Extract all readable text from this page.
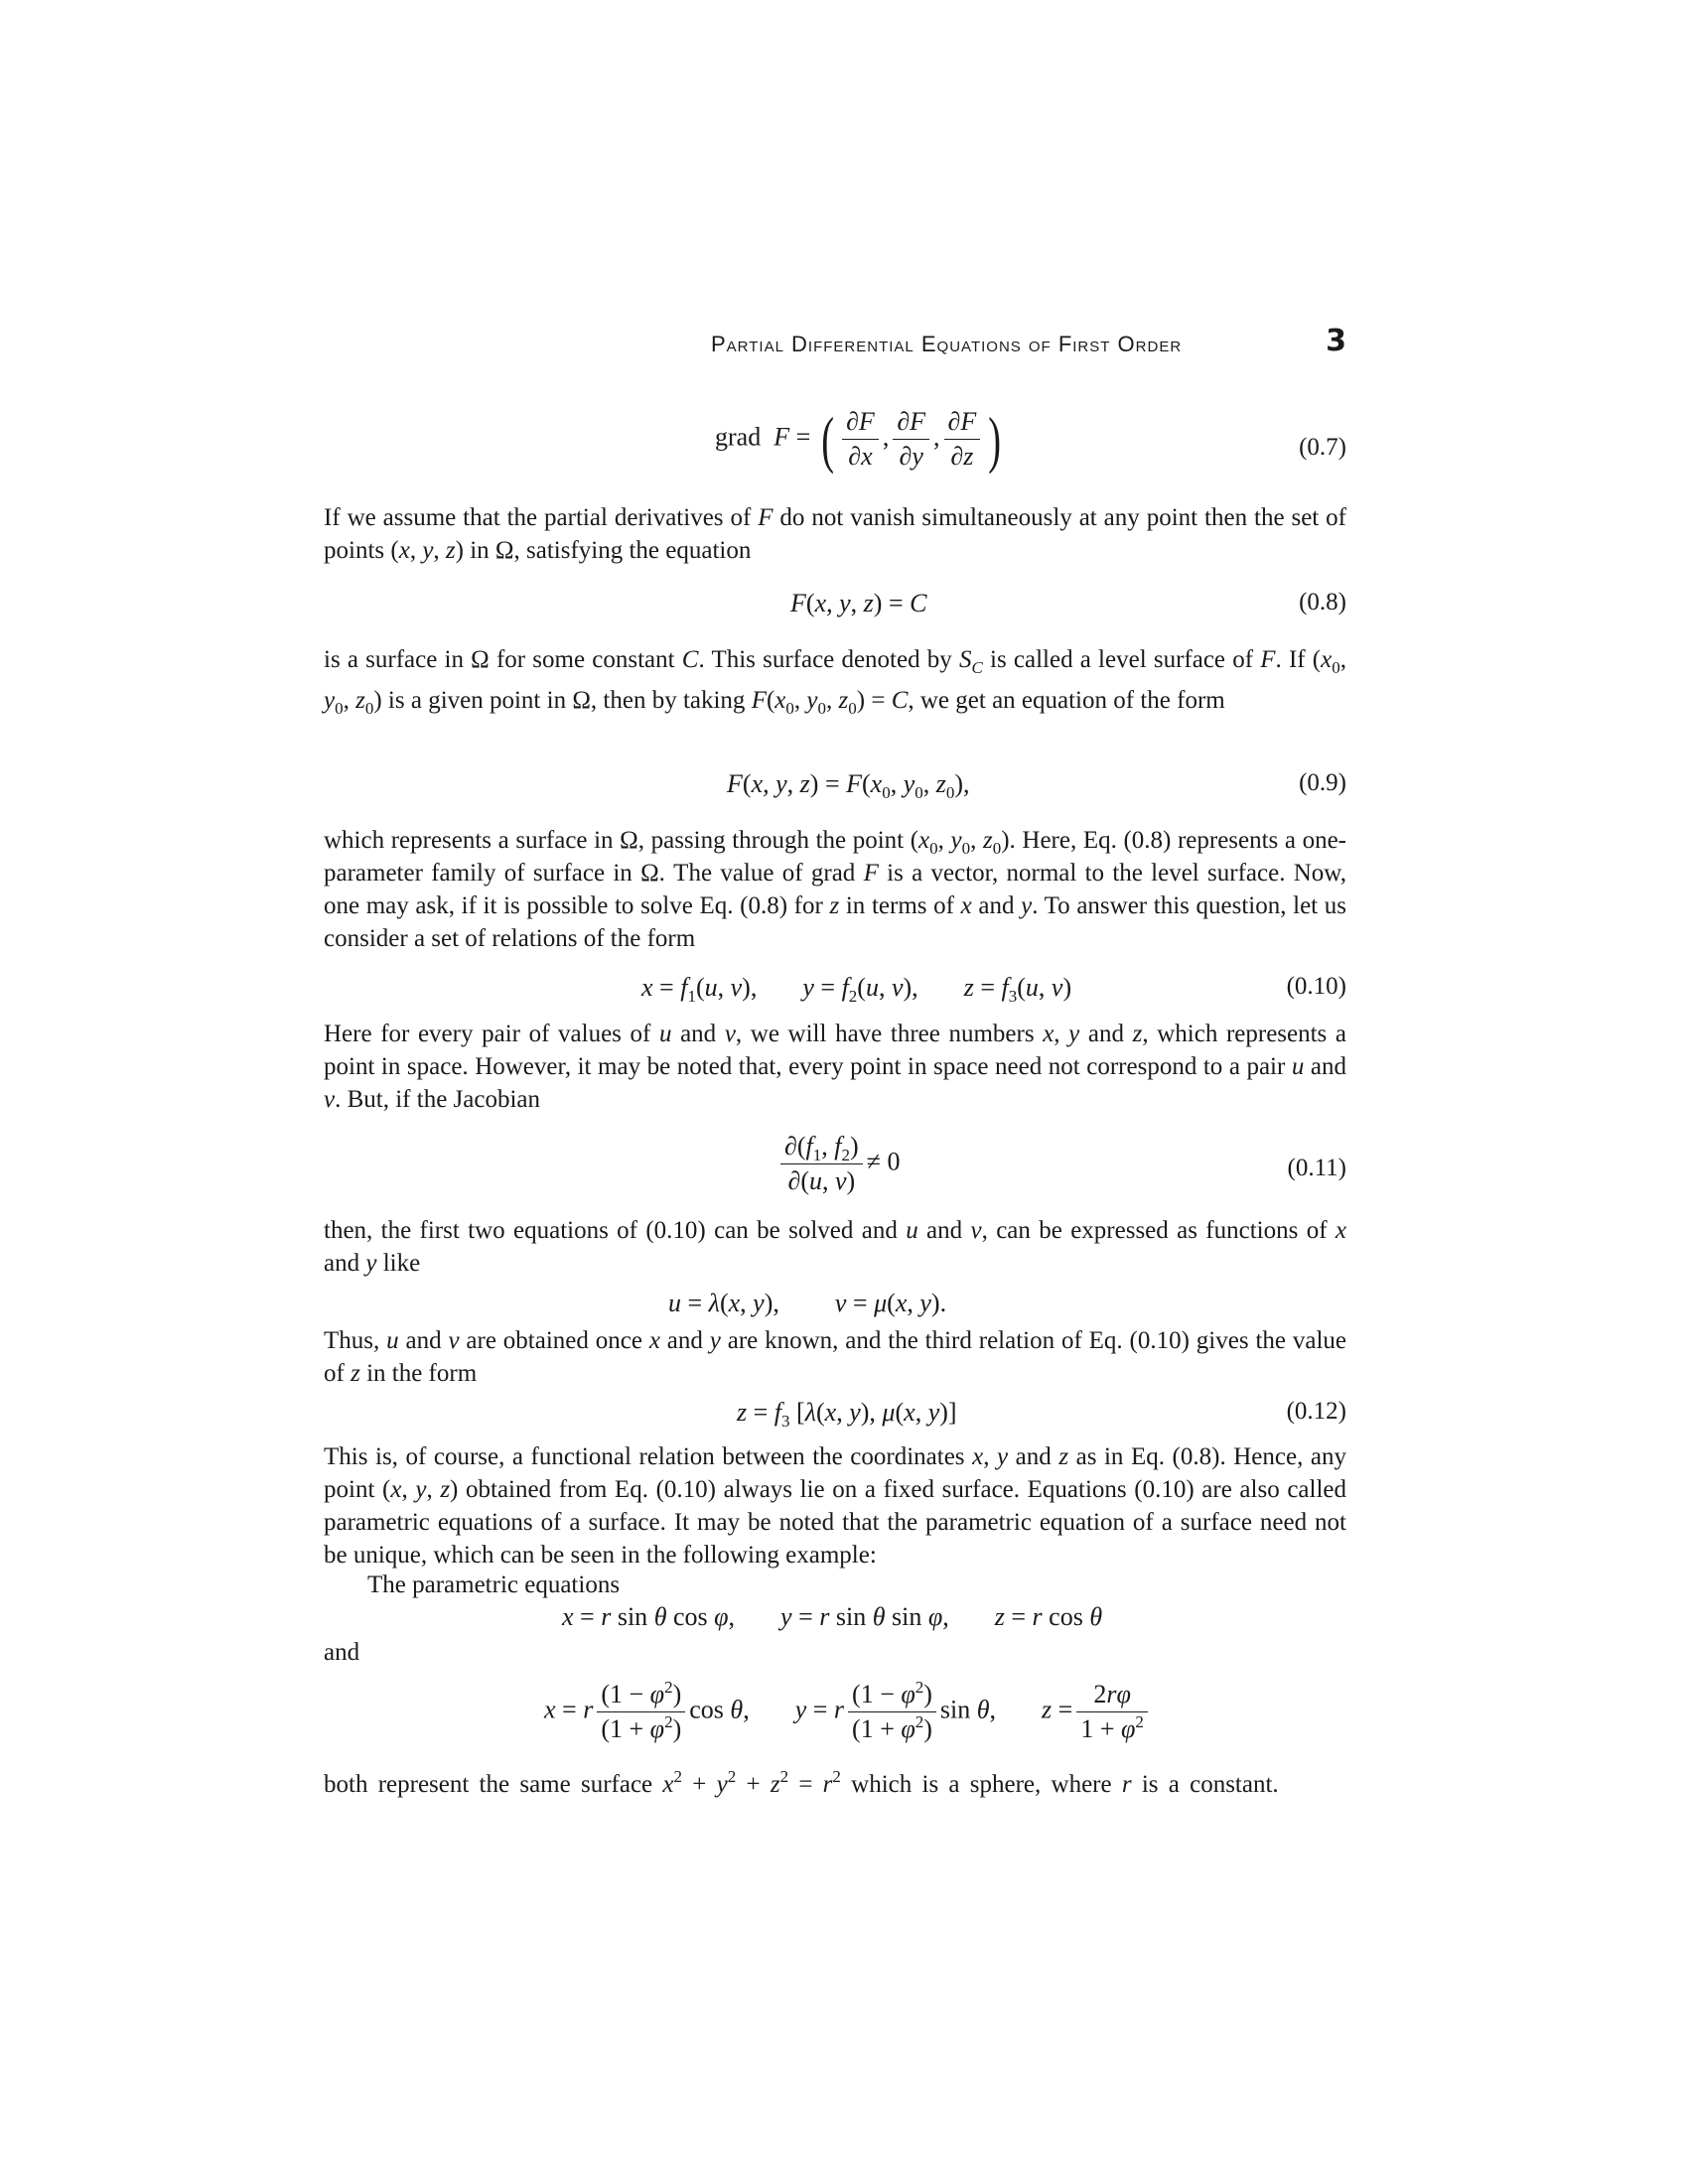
Partial Differential Equations of First Order	3
grad  F = ( $\frac{\partial F}{\partial x}$ , $\frac{\partial F}{\partial y}$ , $\frac{\partial F}{\partial z}$ )	(0.7)
If we assume that the partial derivatives of F do not vanish simultaneously at any point then the set of points (x, y, z) in Ω, satisfying the equation
F(x, y, z) = C	(0.8)
is a surface in Ω for some constant C. This surface denoted by $S_C$ is called a level surface of F. If ($x_0$, $y_0$, $z_0$) is a given point in Ω, then by taking $F(x_0$, $y_0$, $z_0) = C$, we get an equation of the form
F(x, y, $z) = F(x_0$, $y_0$, $z_0$),	(0.9)
which represents a surface in Ω, passing through the point ($x_0$, $y_0$, $z_0$). Here, Eq. (0.8) represents a one-parameter family of surface in Ω. The value of grad F is a vector, normal to the level surface. Now, one may ask, if it is possible to solve Eq. (0.8) for z in terms of x and y. To answer this question, let us consider a set of relations of the form
$x = f_1(u$, v), $y = f_2(u$, v), $z = f_3(u$, v)	(0.10)
Here for every pair of values of u and v, we will have three numbers x, y and z, which represents a point in space. However, it may be noted that, every point in space need not correspond to a pair u and v. But, if the Jacobian
$\frac{\partial(f_1, f_2)}{\partial(u, v)} \ne 0$	(0.11)
then, the first two equations of (0.10) can be solved and u and v, can be expressed as functions of x and y like
u = λ(x, y), v = μ(x, y).
Thus, u and v are obtained once x and y are known, and the third relation of Eq. (0.10) gives the value of z in the form
$z = f_3$ [λ(x, y), μ(x, y)]	(0.12)
This is, of course, a functional relation between the coordinates x, y and z as in Eq. (0.8). Hence, any point (x, y, z) obtained from Eq. (0.10) always lie on a fixed surface. Equations (0.10) are also called parametric equations of a surface. It may be noted that the parametric equation of a surface need not be unique, which can be seen in the following example:
The parametric equations
x = r sin θ cos φ, y = r sin θ sin φ, z = r cos θ
and
x = r $\frac{(1 - \varphi^2)}{(1 + \varphi^2)}$ cos θ, y = r $\frac{(1 - \varphi^2)}{(1 + \varphi^2)}$ sin θ, $z = \frac{2r\varphi}{1 + \varphi^2}$
both represent the same surface $x^2 + y^2 + z^2 = r^2$ which is a sphere, where r is a constant.
